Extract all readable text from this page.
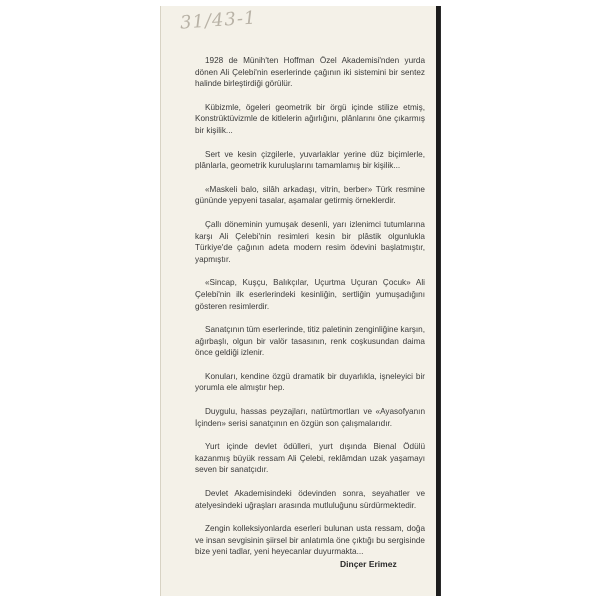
31/43-1

1928 de Münih'ten Hoffman Özel Akademisi'nden yurda dönen Ali Çelebi'nin eserlerinde çağının iki sistemini bir sentez halinde birleştirdiği görülür.

Kübizmle, ögeleri geometrik bir örgü içinde stilize etmiş, Konstrüktüvizmle de kitlelerin ağırlığını, plânlarını öne çıkarmış bir kişilik...

Sert ve kesin çizgilerle, yuvarlaklar yerine düz biçimlerle, plânlarla, geometrik kuruluşlarını tamamlamış bir kişilik...

«Maskeli balo, silâh arkadaşı, vitrin, berber» Türk resmine gününde yepyeni tasalar, aşamalar getirmiş örneklerdir.

Çallı döneminin yumuşak desenli, yarı izlenimci tutumlarına karşı Ali Çelebi'nin resimleri kesin bir plâstik olgunlukla Türkiye'de çağının adeta modern resim ödevini başlatmıştır, yapmıştır.

«Sincap, Kuşçu, Balıkçılar, Uçurtma Uçuran Çocuk» Ali Çelebi'nin ilk eserlerindeki kesinliğin, sertliğin yumuşadığını gösteren resimlerdir.

Sanatçının tüm eserlerinde, titiz paletinin zenginliğine karşın, ağırbaşlı, olgun bir valör tasasının, renk coşkusundan daima önce geldiği izlenir.

Konuları, kendine özgü dramatik bir duyarlıkla, işneleyici bir yorumla ele almıştır hep.

Duygulu, hassas peyzajları, natürtmortları ve «Ayasofyanın İçinden» serisi sanatçının en özgün son çalışmalarıdır.

Yurt içinde devlet ödülleri, yurt dışında Bienal Ödülü kazanmış büyük ressam Ali Çelebi, reklâmdan uzak yaşamayı seven bir sanatçıdır.

Devlet Akademisindeki ödevinden sonra, seyahatler ve atelyesindeki uğraşları arasında mutluluğunu sürdürmektedir.

Zengin kolleksiyonlarda eserleri bulunan usta ressam, doğa ve insan sevgisinin şiirsel bir anlatımla öne çıktığı bu sergisinde bize yeni tadlar, yeni heyecanlar duyurmakta...

Dinçer Erimez
